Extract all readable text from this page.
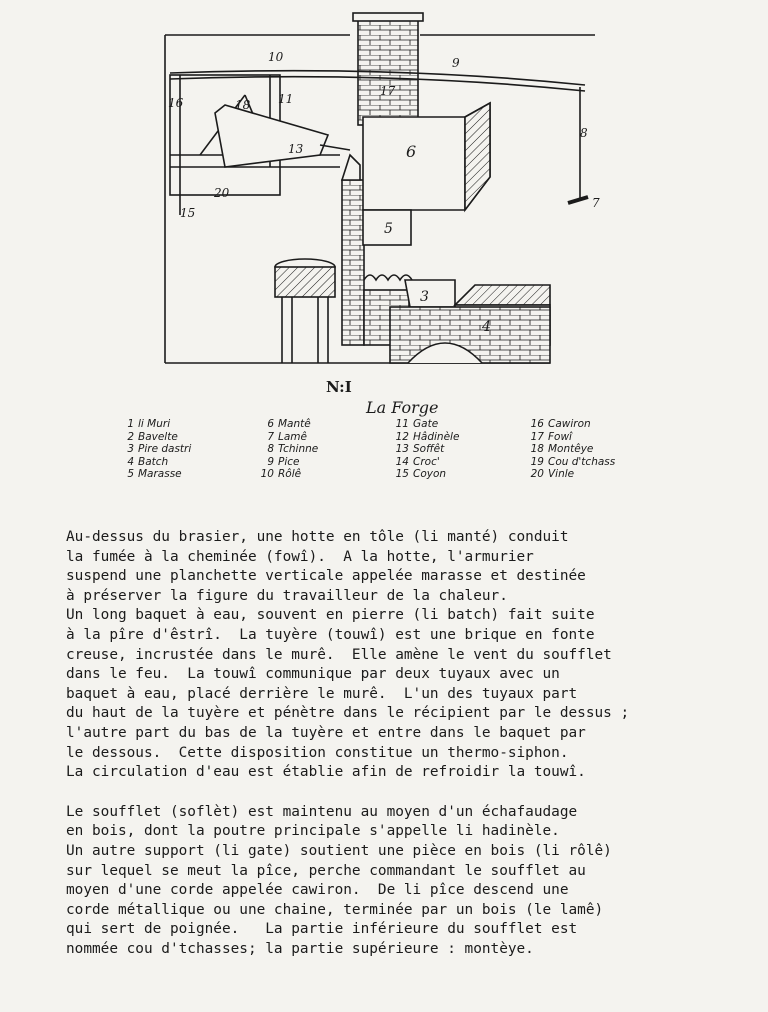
10	9
17
11
16	18
13	6
8
20
15
7
5
3
4
N:I
La Forge
1 li Muri	6 Mantê	11 Gate	16 Cawiron
2 Bavelte	7 Lamê	12 Hâdinèle	17 Fowî
3 Pire dastri	8 Tchinne	13 Soffêt	18 Montêye
4 Batch	9 Pice	14 Croc'	19 Cou d'tchass
5 Marasse	10 Rôlê	15 Coyon	20 Vinle

Au-dessus du brasier, une hotte en tôle (li manté) conduit
la fumée à la cheminée (fowî).  A la hotte, l'armurier
suspend une planchette verticale appelée marasse et destinée
à préserver la figure du travailleur de la chaleur.
Un long baquet à eau, souvent en pierre (li batch) fait suite
à la pîre d'êstrî.  La tuyère (touwî) est une brique en fonte
creuse, incrustée dans le murê.  Elle amène le vent du soufflet
dans le feu.  La touwî communique par deux tuyaux avec un
baquet à eau, placé derrière le murê.  L'un des tuyaux part
du haut de la tuyère et pénètre dans le récipient par le dessus ;
l'autre part du bas de la tuyère et entre dans le baquet par
le dessous.  Cette disposition constitue un thermo-siphon.
La circulation d'eau est établie afin de refroidir la touwî.

Le soufflet (soflèt) est maintenu au moyen d'un échafaudage
en bois, dont la poutre principale s'appelle li hadinèle.
Un autre support (li gate) soutient une pièce en bois (li rôlê)
sur lequel se meut la pîce, perche commandant le soufflet au
moyen d'une corde appelée cawiron.  De li pîce descend une
corde métallique ou une chaine, terminée par un bois (le lamê)
qui sert de poignée.   La partie inférieure du soufflet est
nommée cou d'tchasses; la partie supérieure : montèye.
